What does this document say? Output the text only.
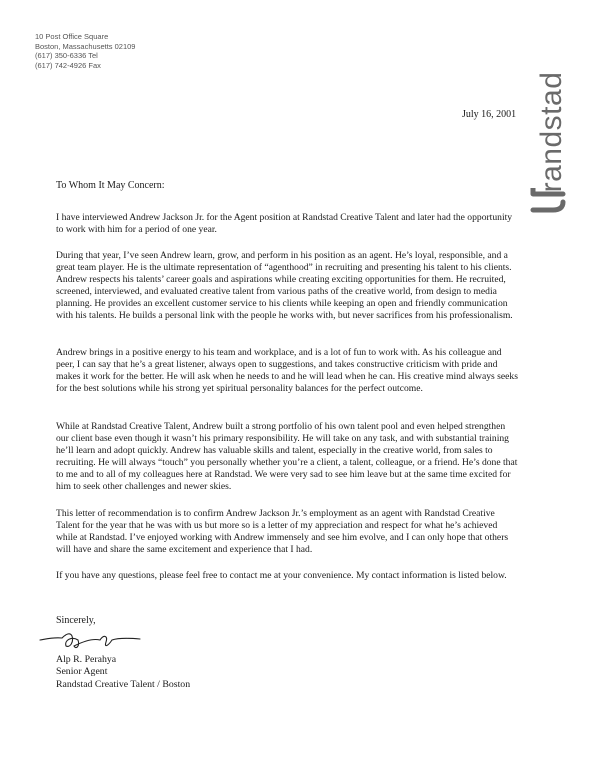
10 Post Office Square
Boston, Massachusetts 02109
(617) 350-6336 Tel
(617) 742-4926 Fax
randstad
July 16, 2001
To Whom It May Concern:

I have interviewed Andrew Jackson Jr. for the Agent position at Randstad Creative Talent and later had the opportunity to work with him for a period of one year.

During that year, I’ve seen Andrew learn, grow, and perform in his position as an agent. He’s loyal, responsible, and a great team player. He is the ultimate representation of “agenthood” in recruiting and presenting his talent to his clients. Andrew respects his talents’ career goals and aspirations while creating exciting opportunities for them. He recruited, screened, interviewed, and evaluated creative talent from various paths of the creative world, from design to media planning. He provides an excellent customer service to his clients while keeping an open and friendly communication with his talents. He builds a personal link with the people he works with, but never sacrifices from his professionalism.

Andrew brings in a positive energy to his team and workplace, and is a lot of fun to work with. As his colleague and peer, I can say that he’s a great listener, always open to suggestions, and takes constructive criticism with pride and makes it work for the better. He will ask when he needs to and he will lead when he can. His creative mind always seeks for the best solutions while his strong yet spiritual personality balances for the perfect outcome.

While at Randstad Creative Talent, Andrew built a strong portfolio of his own talent pool and even helped strengthen our client base even though it wasn’t his primary responsibility. He will take on any task, and with substantial training he’ll learn and adopt quickly. Andrew has valuable skills and talent, especially in the creative world, from sales to recruiting. He will always “touch” you personally whether you’re a client, a talent, colleague, or a friend. He’s done that to me and to all of my colleagues here at Randstad. We were very sad to see him leave but at the same time excited for him to seek other challenges and newer skies.

This letter of recommendation is to confirm Andrew Jackson Jr.’s employment as an agent with Randstad Creative Talent for the year that he was with us but more so is a letter of my appreciation and respect for what he’s achieved while at Randstad. I’ve enjoyed working with Andrew immensely and see him evolve, and I can only hope that others will have and share the same excitement and experience that I had.

If you have any questions, please feel free to contact me at your convenience. My contact information is listed below.

Sincerely,
Alp R. Perahya
Senior Agent
Randstad Creative Talent / Boston
